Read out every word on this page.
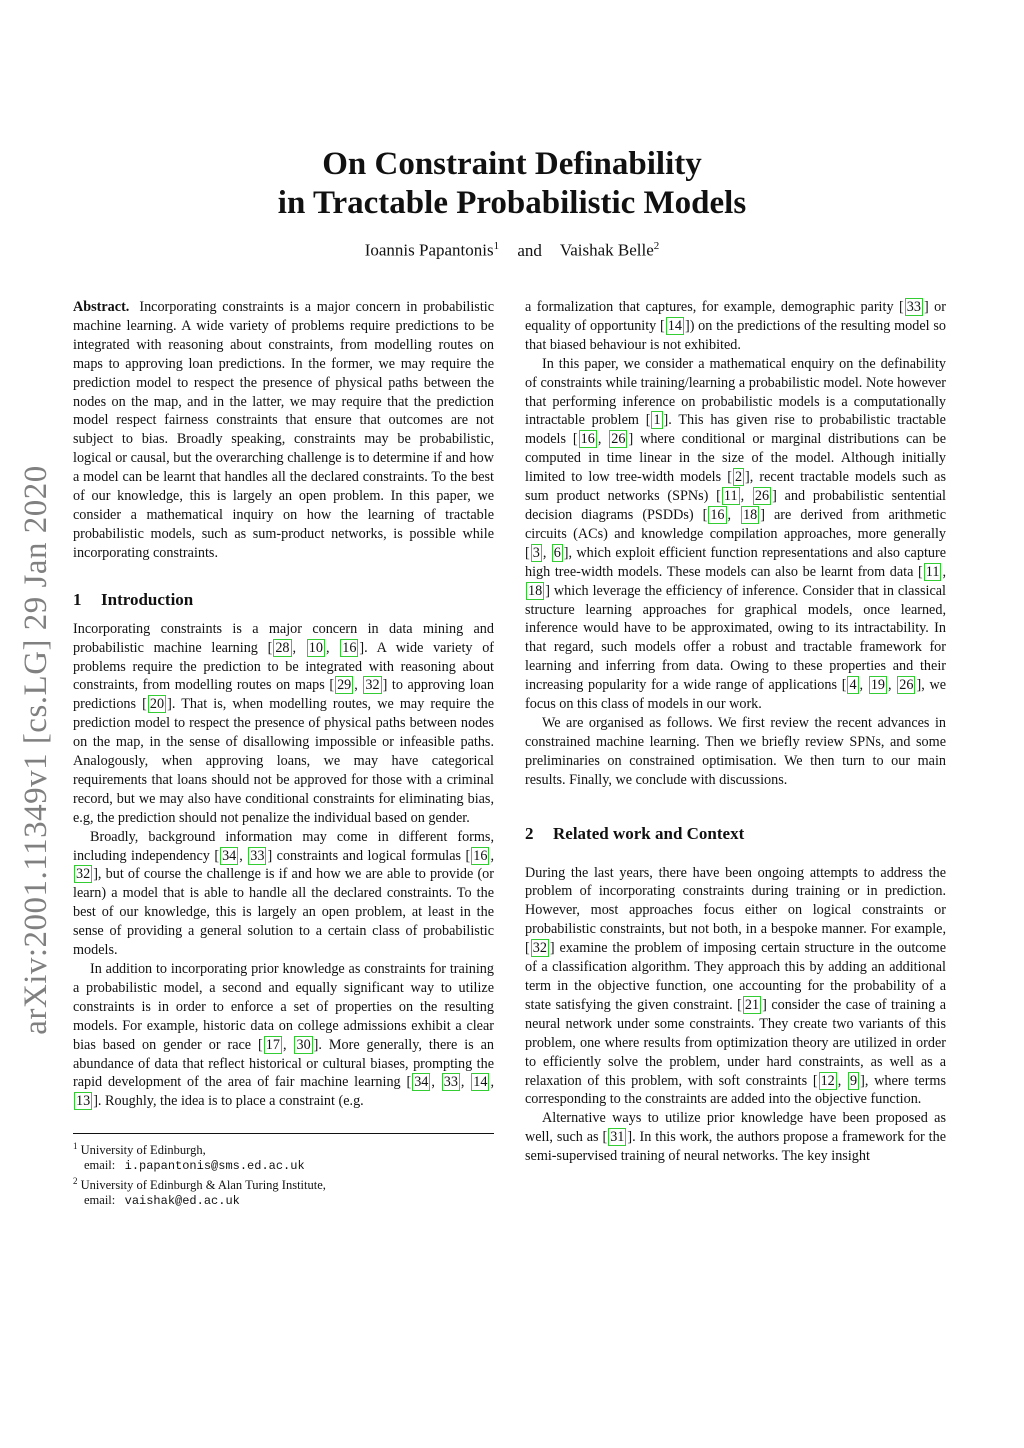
On Constraint Definability
in Tractable Probabilistic Models
Ioannis Papantonis$^1$ and Vaishak Belle$^2$
arXiv:2001.11349v1 [cs.LG] 29 Jan 2020

Abstract. Incorporating constraints is a major concern in probabilistic machine learning. A wide variety of problems require predictions to be integrated with reasoning about constraints, from modelling routes on maps to approving loan predictions. In the former, we may require the prediction model to respect the presence of physical paths between the nodes on the map, and in the latter, we may require that the prediction model respect fairness constraints that ensure that outcomes are not subject to bias. Broadly speaking, constraints may be probabilistic, logical or causal, but the overarching challenge is to determine if and how a model can be learnt that handles all the declared constraints. To the best of our knowledge, this is largely an open problem. In this paper, we consider a mathematical inquiry on how the learning of tractable probabilistic models, such as sum-product networks, is possible while incorporating constraints.

1 Introduction

Incorporating constraints is a major concern in data mining and probabilistic machine learning [ 28 , 10 , 16 ]. A wide variety of problems require the prediction to be integrated with reasoning about constraints, from modelling routes on maps [ 29 , 32 ] to approving loan predictions [ 20 ]. That is, when modelling routes, we may require the prediction model to respect the presence of physical paths between nodes on the map, in the sense of disallowing impossible or infeasible paths. Analogously, when approving loans, we may have categorical requirements that loans should not be approved for those with a criminal record, but we may also have conditional constraints for eliminating bias, e.g, the prediction should not penalize the individual based on gender.

Broadly, background information may come in different forms, including independency [ 34 , 33 ] constraints and logical formulas [ 16 , 32 ], but of course the challenge is if and how we are able to provide (or learn) a model that is able to handle all the declared constraints. To the best of our knowledge, this is largely an open problem, at least in the sense of providing a general solution to a certain class of probabilistic models.

In addition to incorporating prior knowledge as constraints for training a probabilistic model, a second and equally significant way to utilize constraints is in order to enforce a set of properties on the resulting models. For example, historic data on college admissions exhibit a clear bias based on gender or race [ 17 , 30 ]. More generally, there is an abundance of data that reflect historical or cultural biases, prompting the rapid development of the area of fair machine learning [ 34 , 33 , 14 , 13 ]. Roughly, the idea is to place a constraint (e.g.

$^1$ University of Edinburgh,
email: i.papantonis@sms.ed.ac.uk
$^2$ University of Edinburgh & Alan Turing Institute,
email: vaishak@ed.ac.uk

a formalization that captures, for example, demographic parity [ 33 ] or equality of opportunity [ 14 ]) on the predictions of the resulting model so that biased behaviour is not exhibited.

In this paper, we consider a mathematical enquiry on the definability of constraints while training/learning a probabilistic model. Note however that performing inference on probabilistic models is a computationally intractable problem [ 1 ]. This has given rise to probabilistic tractable models [ 16 , 26 ] where conditional or marginal distributions can be computed in time linear in the size of the model. Although initially limited to low tree-width models [ 2 ], recent tractable models such as sum product networks (SPNs) [ 11 , 26 ] and probabilistic sentential decision diagrams (PSDDs) [ 16 , 18 ] are derived from arithmetic circuits (ACs) and knowledge compilation approaches, more generally [ 3 , 6 ], which exploit efficient function representations and also capture high tree-width models. These models can also be learnt from data [ 11 , 18 ] which leverage the efficiency of inference. Consider that in classical structure learning approaches for graphical models, once learned, inference would have to be approximated, owing to its intractability. In that regard, such models offer a robust and tractable framework for learning and inferring from data. Owing to these properties and their increasing popularity for a wide range of applications [ 4 , 19 , 26 ], we focus on this class of models in our work.

We are organised as follows. We first review the recent advances in constrained machine learning. Then we briefly review SPNs, and some preliminaries on constrained optimisation. We then turn to our main results. Finally, we conclude with discussions.

2 Related work and Context

During the last years, there have been ongoing attempts to address the problem of incorporating constraints during training or in prediction. However, most approaches focus either on logical constraints or probabilistic constraints, but not both, in a bespoke manner. For example, [ 32 ] examine the problem of imposing certain structure in the outcome of a classification algorithm. They approach this by adding an additional term in the objective function, one accounting for the probability of a state satisfying the given constraint. [ 21 ] consider the case of training a neural network under some constraints. They create two variants of this problem, one where results from optimization theory are utilized in order to efficiently solve the problem, under hard constraints, as well as a relaxation of this problem, with soft constraints [ 12 , 9 ], where terms corresponding to the constraints are added into the objective function.

Alternative ways to utilize prior knowledge have been proposed as well, such as [ 31 ]. In this work, the authors propose a framework for the semi-supervised training of neural networks. The key insight
